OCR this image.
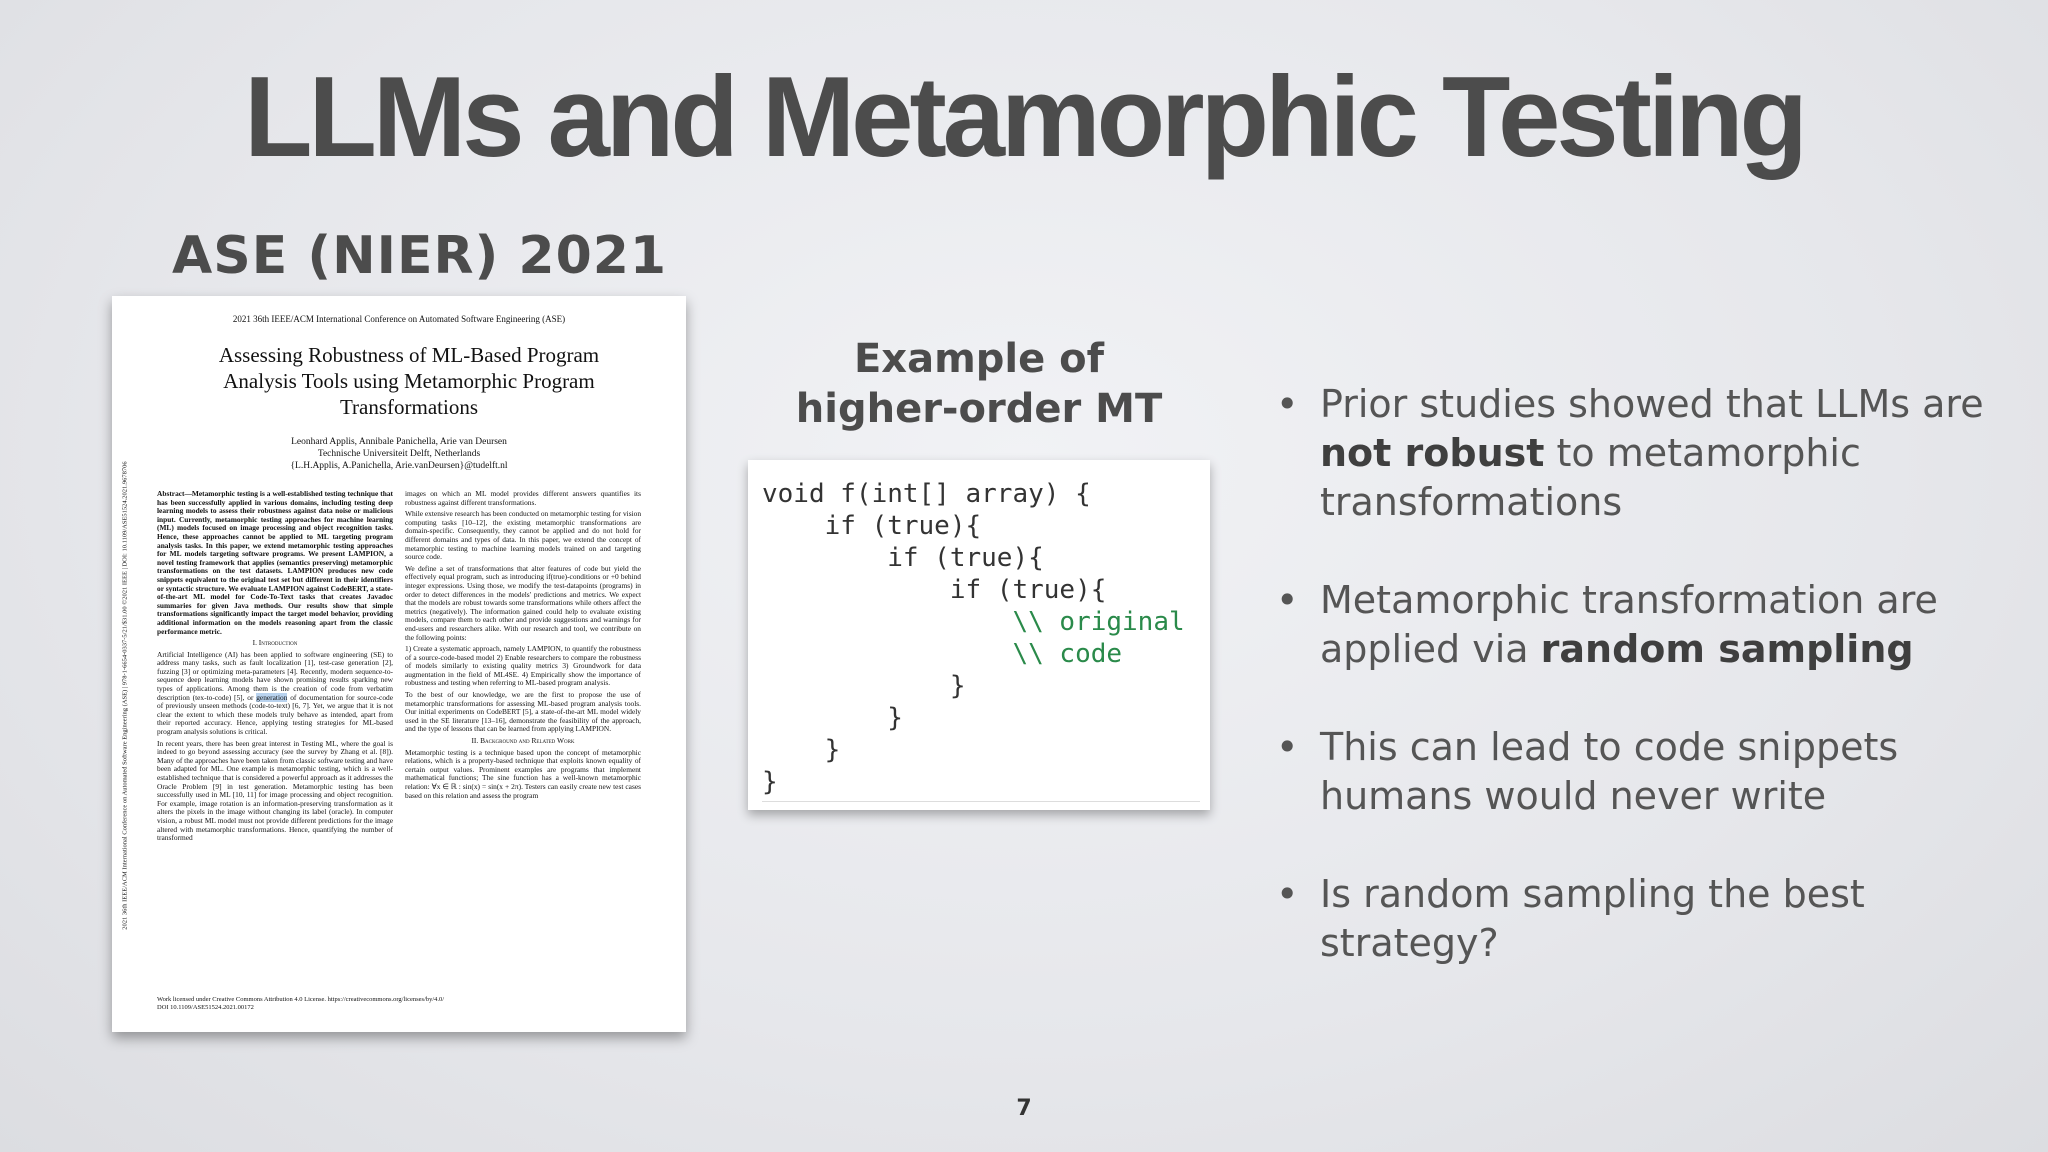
LLMs and Metamorphic Testing
ASE (NIER) 2021
2021 36th IEEE/ACM International Conference on Automated Software Engineering (ASE) | 978-1-6654-0337-5/21/$31.00 ©2021 IEEE | DOI: 10.1109/ASE51524.2021.9678706
2021 36th IEEE/ACM International Conference on Automated Software Engineering (ASE)
Assessing Robustness of ML-Based Program
Analysis Tools using Metamorphic Program
Transformations
Leonhard Applis, Annibale Panichella, Arie van Deursen
Technische Universiteit Delft, Netherlands
{L.H.Applis, A.Panichella, Arie.vanDeursen}@tudelft.nl

Abstract—Metamorphic testing is a well-established testing technique that has been successfully applied in various domains, including testing deep learning models to assess their robustness against data noise or malicious input. Currently, metamorphic testing approaches for machine learning (ML) models focused on image processing and object recognition tasks. Hence, these approaches cannot be applied to ML targeting program analysis tasks. In this paper, we extend metamorphic testing approaches for ML models targeting software programs. We present LAMPION, a novel testing framework that applies (semantics preserving) metamorphic transformations on the test datasets. LAMPION produces new code snippets equivalent to the original test set but different in their identifiers or syntactic structure. We evaluate LAMPION against CodeBERT, a state-of-the-art ML model for Code-To-Text tasks that creates Javadoc summaries for given Java methods. Our results show that simple transformations significantly impact the target model behavior, providing additional information on the models reasoning apart from the classic performance metric.

I. Introduction

Artificial Intelligence (AI) has been applied to software engineering (SE) to address many tasks, such as fault localization [1], test-case generation [2], fuzzing [3] or optimizing meta-parameters [4]. Recently, modern sequence-to-sequence deep learning models have shown promising results sparking new types of applications. Among them is the creation of code from verbatim description (tex-to-code) [5], or generation of documentation for source-code of previously unseen methods (code-to-text) [6, 7]. Yet, we argue that it is not clear the extent to which these models truly behave as intended, apart from their reported accuracy. Hence, applying testing strategies for ML-based program analysis solutions is critical.

In recent years, there has been great interest in Testing ML, where the goal is indeed to go beyond assessing accuracy (see the survey by Zhang et al. [8]). Many of the approaches have been taken from classic software testing and have been adapted for ML. One example is metamorphic testing, which is a well-established technique that is considered a powerful approach as it addresses the Oracle Problem [9] in test generation. Metamorphic testing has been successfully used in ML [10, 11] for image processing and object recognition. For example, image rotation is an information-preserving transformation as it alters the pixels in the image without changing its label (oracle). In computer vision, a robust ML model must not provide different predictions for the image altered with metamorphic transformations. Hence, quantifying the number of transformed

images on which an ML model provides different answers quantifies its robustness against different transformations.

While extensive research has been conducted on metamorphic testing for vision computing tasks [10–12], the existing metamorphic transformations are domain-specific. Consequently, they cannot be applied and do not hold for different domains and types of data. In this paper, we extend the concept of metamorphic testing to machine learning models trained on and targeting source code.

We define a set of transformations that alter features of code but yield the effectively equal program, such as introducing if(true)-conditions or +0 behind integer expressions. Using those, we modify the test-datapoints (programs) in order to detect differences in the models' predictions and metrics. We expect that the models are robust towards some transformations while others affect the metrics (negatively). The information gained could help to evaluate existing models, compare them to each other and provide suggestions and warnings for end-users and researchers alike. With our research and tool, we contribute on the following points:

1) Create a systematic approach, namely LAMPION, to quantify the robustness of a source-code-based model 2) Enable researchers to compare the robustness of models similarly to existing quality metrics 3) Groundwork for data augmentation in the field of ML4SE. 4) Empirically show the importance of robustness and testing when referring to ML-based program analysis.

To the best of our knowledge, we are the first to propose the use of metamorphic transformations for assessing ML-based program analysis tools. Our initial experiments on CodeBERT [5], a state-of-the-art ML model widely used in the SE literature [13–16], demonstrate the feasibility of the approach, and the type of lessons that can be learned from applying LAMPION.

II. Background and Related Work

Metamorphic testing is a technique based upon the concept of metamorphic relations, which is a property-based technique that exploits known equality of certain output values. Prominent examples are programs that implement mathematical functions; The sine function has a well-known metamorphic relation: ∀x ∈ ℝ : sin(x) = sin(x + 2π). Testers can easily create new test cases based on this relation and assess the program

Work licensed under Creative Commons Attribution 4.0 License. https://creativecommons.org/licenses/by/4.0/
DOI 10.1109/ASE51524.2021.00172
Example of
higher-order MT
void f(int[] array) {
if (true){
if (true){
if (true){
\\ original
\\ code
}
}
}
}
• Prior studies showed that LLMs are not robust to metamorphic transformations
• Metamorphic transformation are applied via random sampling
• This can lead to code snippets humans would never write
• Is random sampling the best strategy?
7
